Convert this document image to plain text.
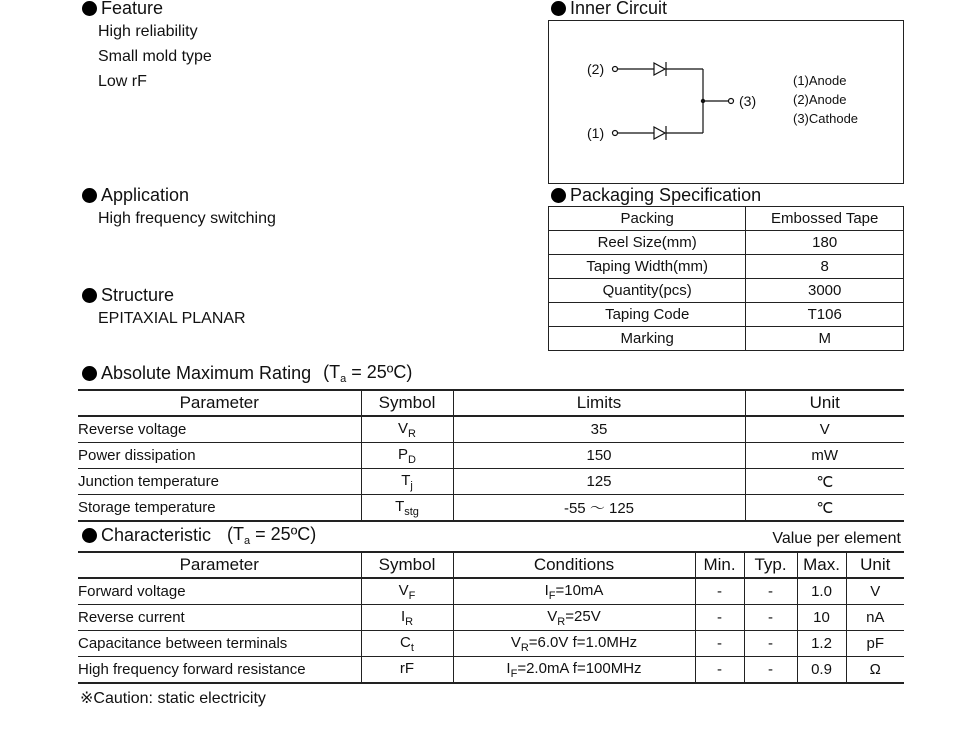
Feature
High reliability
Small mold type
Low rF
Application
High frequency switching
Structure
EPITAXIAL PLANAR
Inner Circuit
(2)
(1)
(3)
(1)Anode
(2)Anode
(3)Cathode
Packaging Specification
Packing	Embossed Tape
Reel Size(mm)	180
Taping Width(mm)	8
Quantity(pcs)	3000
Taping Code	T106
Marking	M
Absolute Maximum Rating ($T_a$ = 25ºC)
Parameter	Symbol	Limits	Unit
Reverse voltage	$V_R$	35	V
Power dissipation	$P_D$	150	mW
Junction temperature	$T_j$	125	℃
Storage temperature	$T_{stg}$	-55 ～ 125	℃
Characteristic ($T_a$ = 25ºC)	Value per element
Parameter	Symbol	Conditions	Min.	Typ.	Max.	Unit
Forward voltage	$V_F$	$I_F=10mA$	-	-	1.0	V
Reverse current	$I_R$	$V_R=25V$	-	-	10	nA
Capacitance between terminals	$C_t$	$V_R=6.0V$ f=1.0MHz	-	-	1.2	pF
High frequency forward resistance	rF	$I_F=2.0mA$ f=100MHz	-	-	0.9	Ω
※Caution: static electricity
